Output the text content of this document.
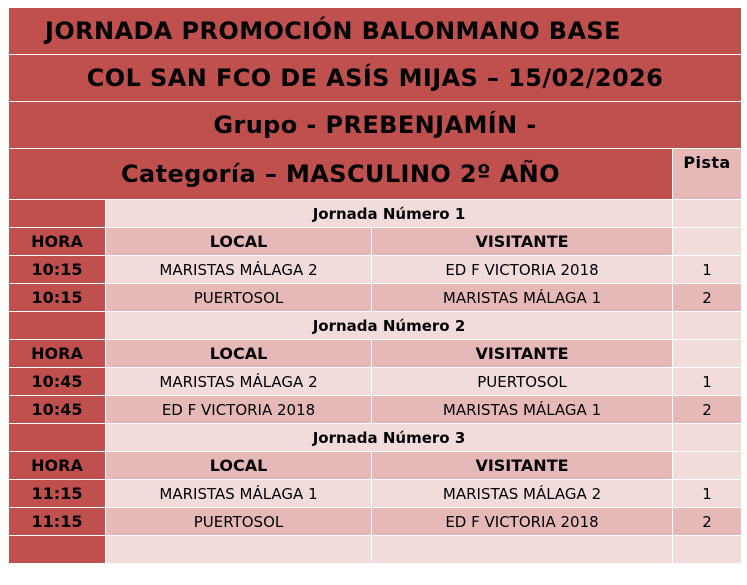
JORNADA PROMOCIÓN BALONMANO BASE			
COL SAN FCO DE ASÍS MIJAS – 15/02/2026			
Grupo - PREBENJAMÍN -			
Categoría – MASCULINO 2º AÑO			Pista
	Jornada Número 1		
HORA	LOCAL	VISITANTE	
10:15	MARISTAS MÁLAGA 2	ED F VICTORIA 2018	1
10:15	PUERTOSOL	MARISTAS MÁLAGA 1	2
	Jornada Número 2		
HORA	LOCAL	VISITANTE	
10:45	MARISTAS MÁLAGA 2	PUERTOSOL	1
10:45	ED F VICTORIA 2018	MARISTAS MÁLAGA 1	2
	Jornada Número 3		
HORA	LOCAL	VISITANTE	
11:15	MARISTAS MÁLAGA 1	MARISTAS MÁLAGA 2	1
11:15	PUERTOSOL	ED F VICTORIA 2018	2
